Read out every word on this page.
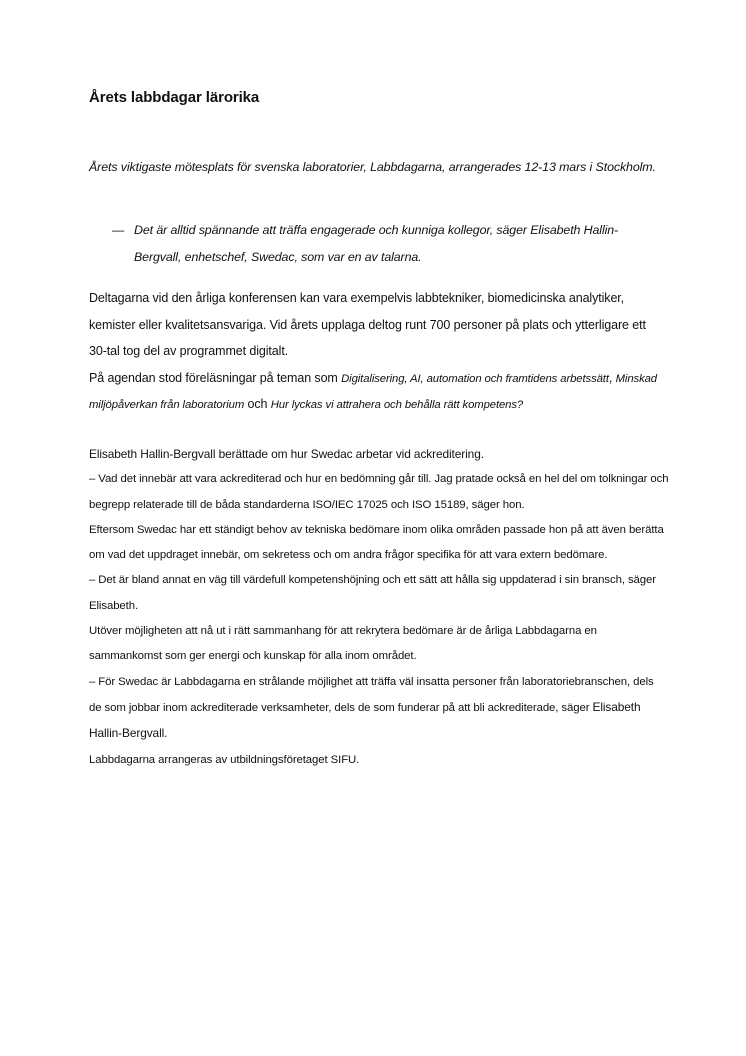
Årets labbdagar lärorika

Årets viktigaste mötesplats för svenska laboratorier, Labbdagarna, arrangerades 12-13 mars i Stockholm.

— Det är alltid spännande att träffa engagerade och kunniga kollegor, säger Elisabeth Hallin-Bergvall, enhetschef, Swedac, som var en av talarna.

Deltagarna vid den årliga konferensen kan vara exempelvis labbtekniker, biomedicinska analytiker, kemister eller kvalitetsansvariga. Vid årets upplaga deltog runt 700 personer på plats och ytterligare ett 30-tal tog del av programmet digitalt.

På agendan stod föreläsningar på teman som Digitalisering, AI, automation och framtidens arbetssätt, Minskad miljöpåverkan från laboratorium och Hur lyckas vi attrahera och behålla rätt kompetens?

Elisabeth Hallin-Bergvall berättade om hur Swedac arbetar vid ackreditering.

– Vad det innebär att vara ackrediterad och hur en bedömning går till. Jag pratade också en hel del om tolkningar och begrepp relaterade till de båda standarderna ISO/IEC 17025 och ISO 15189, säger hon.

Eftersom Swedac har ett ständigt behov av tekniska bedömare inom olika områden passade hon på att även berätta om vad det uppdraget innebär, om sekretess och om andra frågor specifika för att vara extern bedömare.

– Det är bland annat en väg till värdefull kompetenshöjning och ett sätt att hålla sig uppdaterad i sin bransch, säger Elisabeth.

Utöver möjligheten att nå ut i rätt sammanhang för att rekrytera bedömare är de årliga Labbdagarna en sammankomst som ger energi och kunskap för alla inom området.

– För Swedac är Labbdagarna en strålande möjlighet att träffa väl insatta personer från laboratoriebranschen, dels de som jobbar inom ackrediterade verksamheter, dels de som funderar på att bli ackrediterade, säger Elisabeth Hallin-Bergvall.

Labbdagarna arrangeras av utbildningsföretaget SIFU.
